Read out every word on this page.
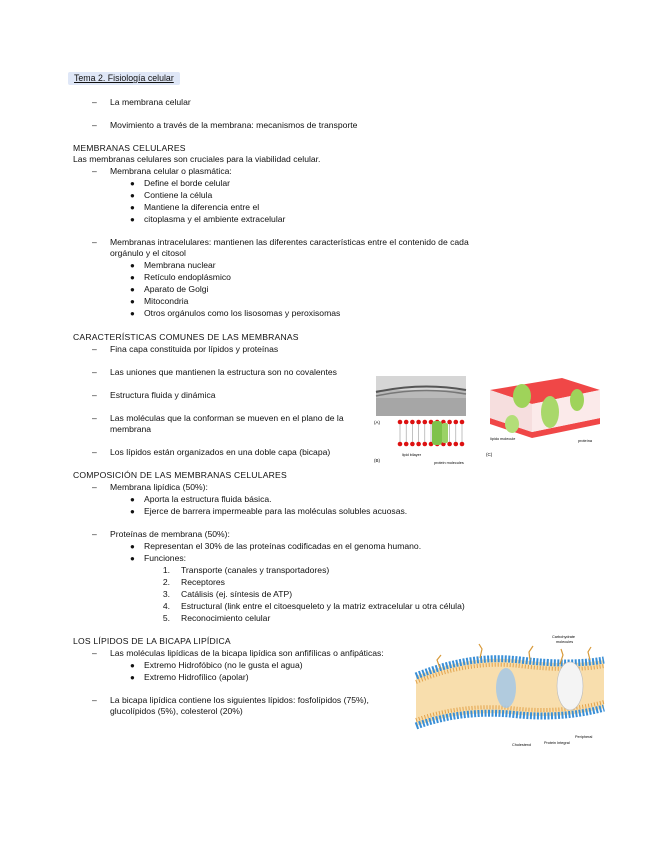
Tema 2. Fisiología celular
–	La membrana celular
–	Movimiento a través de la membrana: mecanismos de transporte
MEMBRANAS CELULARES
Las membranas celulares son cruciales para la viabilidad celular.
–	Membrana celular o plasmática:
●	Define el borde celular
●	Contiene la célula
●	Mantiene la diferencia entre el
●	citoplasma y el ambiente extracelular
–	Membranas intracelulares: mantienen las diferentes características entre el contenido de cada
orgánulo y el citosol
●	Membrana nuclear
●	Retículo endoplásmico
●	Aparato de Golgi
●	Mitocondria
●	Otros orgánulos como los lisosomas y peroxisomas
CARACTERÍSTICAS COMUNES DE LAS MEMBRANAS
–	Fina capa constituida por lípidos y proteínas
–	Las uniones que mantienen la estructura son no covalentes
–	Estructura fluida y dinámica
–	Las moléculas que la conforman se mueven en el plano de la
membrana
–	Los lípidos están organizados en una doble capa (bicapa)
(A)
(B)
lipid bilayer
protein molecules
(C)
lípido molecule	proteína
COMPOSICIÓN DE LAS MEMBRANAS CELULARES
–	Membrana lipídica (50%):
●	Aporta la estructura fluida básica.
●	Ejerce de barrera impermeable para las moléculas solubles acuosas.
–	Proteínas de membrana (50%):
●	Representan el 30% de las proteínas codificadas en el genoma humano.
●	Funciones:
1. Transporte (canales y transportadores)
2. Receptores
3. Catálisis (ej. síntesis de ATP)
4. Estructural (link entre el citoesqueleto y la matriz extracelular u otra célula)
5. Reconocimiento celular
LOS LÍPIDOS DE LA BICAPA LIPÍDICA
–	Las moléculas lipídicas de la bicapa lipídica son anfifílicas o anfipáticas:
●	Extremo Hidrofóbico (no le gusta el agua)
●	Extremo Hidrofílico (apolar)
–	La bicapa lipídica contiene los siguientes lípidos: fosfolípidos (75%),
glucolípidos (5%), colesterol (20%)
Carbohydrate
molecules
Cholesterol
Peripheral
Protein Integral
